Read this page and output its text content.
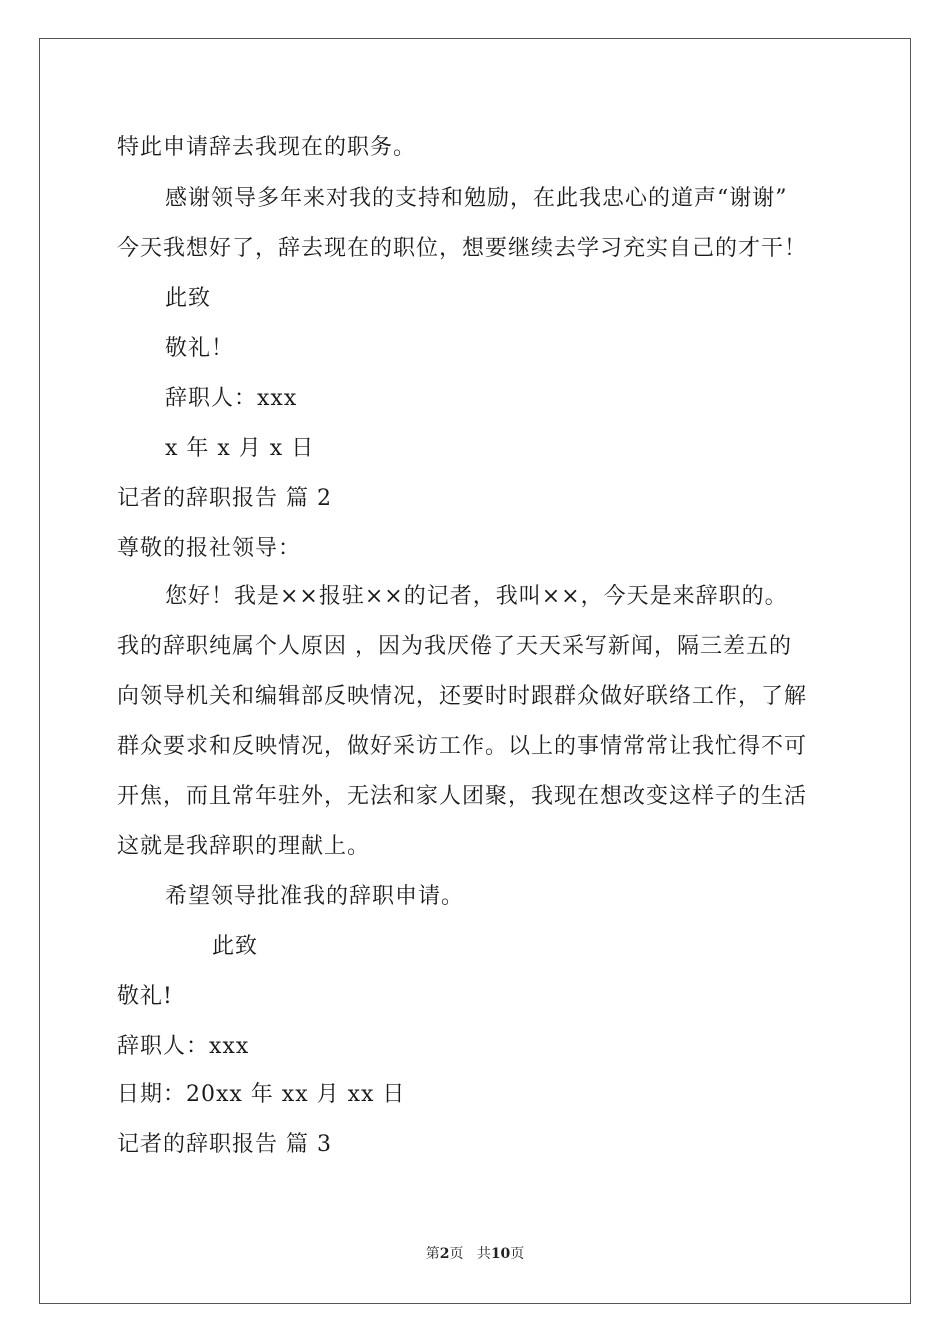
特此申请辞去我现在的职务。
感谢领导多年来对我的支持和勉励，在此我忠心的道声“谢谢”
今天我想好了，辞去现在的职位，想要继续去学习充实自己的才干！
此致
敬礼！
辞职人：xxx
x 年 x 月 x 日
记者的辞职报告 篇 2
尊敬的报社领导：
您好！我是××报驻××的记者，我叫××，今天是来辞职的。
我的辞职纯属个人原因 ，因为我厌倦了天天采写新闻，隔三差五的
向领导机关和编辑部反映情况，还要时时跟群众做好联络工作，了解
群众要求和反映情况，做好采访工作。以上的事情常常让我忙得不可
开焦，而且常年驻外，无法和家人团聚，我现在想改变这样子的生活
这就是我辞职的理献上。
希望领导批准我的辞职申请。
此致
敬礼!
辞职人：xxx
日期：20xx 年 xx 月 xx 日
记者的辞职报告 篇 3
第2页 共10页
